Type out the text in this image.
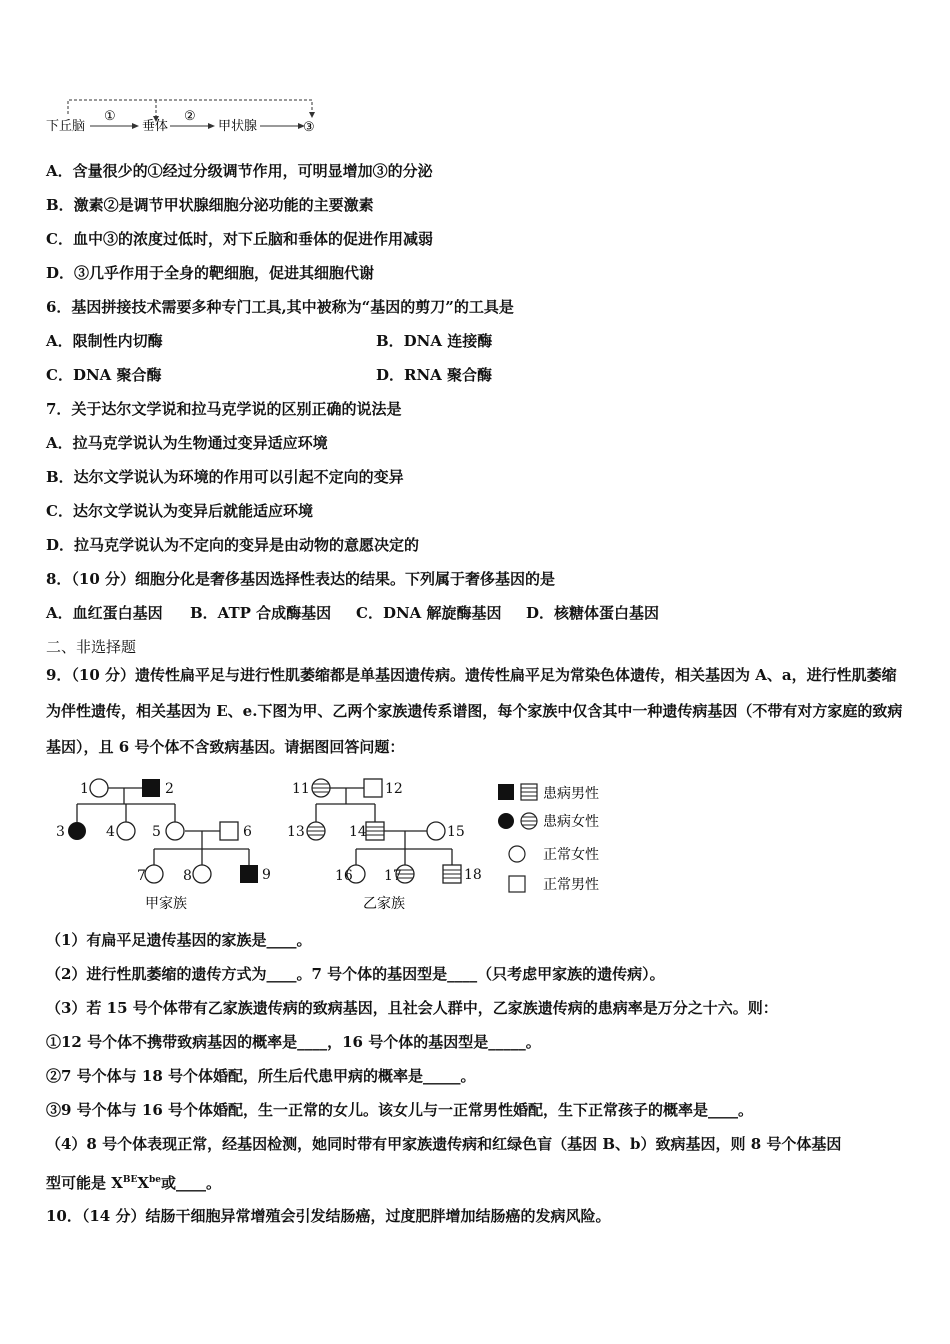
下丘脑
①
垂体
②
甲状腺	③
A．含量很少的①经过分级调节作用，可明显增加③的分泌
B．激素②是调节甲状腺细胞分泌功能的主要激素
C．血中③的浓度过低时，对下丘脑和垂体的促进作用减弱
D．③几乎作用于全身的靶细胞，促进其细胞代谢
6．基因拼接技术需要多种专门工具,其中被称为“基因的剪刀”的工具是
A．限制性内切酶	B．DNA 连接酶
C．DNA 聚合酶	D．RNA 聚合酶
7．关于达尔文学说和拉马克学说的区别正确的说法是
A．拉马克学说认为生物通过变异适应环境
B．达尔文学说认为环境的作用可以引起不定向的变异
C．达尔文学说认为变异后就能适应环境
D．拉马克学说认为不定向的变异是由动物的意愿决定的
8．（10 分）细胞分化是奢侈基因选择性表达的结果。下列属于奢侈基因的是
A．血红蛋白基因 B．ATP 合成酶基因 C．DNA 解旋酶基因 D．核糖体蛋白基因
二、非选择题
9．（10 分）遗传性扁平足与进行性肌萎缩都是单基因遗传病。遗传性扁平足为常染色体遗传，相关基因为 A、a，进行性肌萎缩为伴性遗传，相关基因为 E、e.下图为甲、乙两个家族遗传系谱图，每个家族中仅含其中一种遗传病基因（不带有对方家庭的致病基因），且 6 号个体不含致病基因。请据图回答问题：
1	2
3	4	5	6
7	8	9
11	12
13	14	15
16 17	18
甲家族	乙家族
患病男性
患病女性
正常女性
正常男性
（1）有扁平足遗传基因的家族是____。
（2）进行性肌萎缩的遗传方式为____。7 号个体的基因型是____（只考虑甲家族的遗传病）。
（3）若 15 号个体带有乙家族遗传病的致病基因，且社会人群中，乙家族遗传病的患病率是万分之十六。则：
①12 号个体不携带致病基因的概率是____，16 号个体的基因型是_____。
②7 号个体与 18 号个体婚配，所生后代患甲病的概率是_____。
③9 号个体与 16 号个体婚配，生一正常的女儿。该女儿与一正常男性婚配，生下正常孩子的概率是____。
（4）8 号个体表现正常，经基因检测，她同时带有甲家族遗传病和红绿色盲（基因 B、b）致病基因，则 8 号个体基因
型可能是 $X^{BE}X^{be}$或____。
10．（14 分）结肠干细胞异常增殖会引发结肠癌，过度肥胖增加结肠癌的发病风险。
